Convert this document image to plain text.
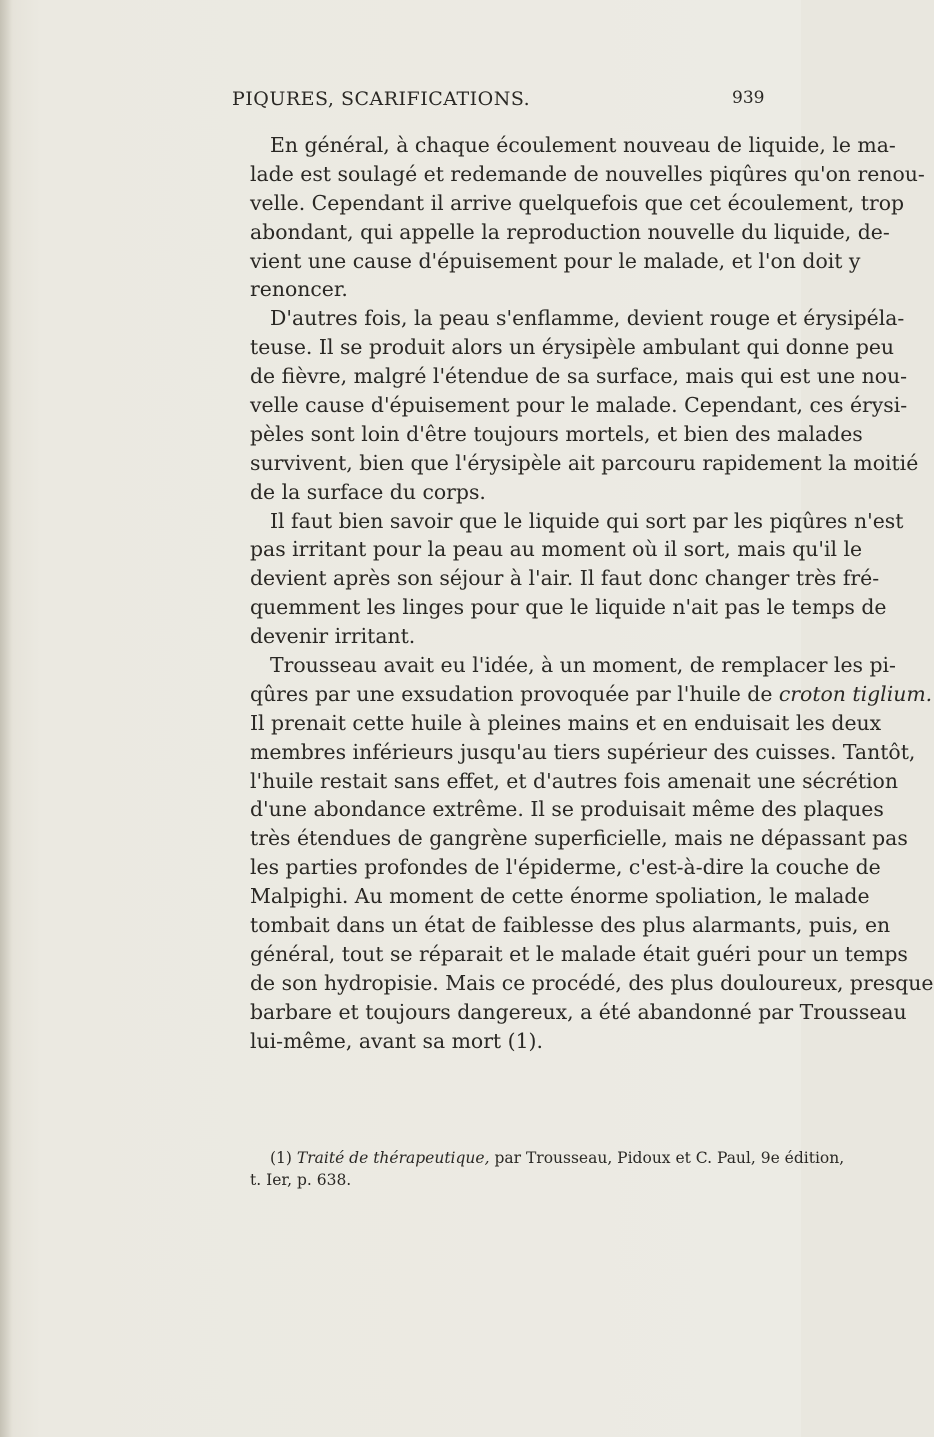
PIQURES, SCARIFICATIONS.	939
En général, à chaque écoulement nouveau de liquide, le ma-
lade est soulagé et redemande de nouvelles piqûres qu'on renou-
velle. Cependant il arrive quelquefois que cet écoulement, trop
abondant, qui appelle la reproduction nouvelle du liquide, de-
vient une cause d'épuisement pour le malade, et l'on doit y
renoncer.
D'autres fois, la peau s'enflamme, devient rouge et érysipéla-
teuse. Il se produit alors un érysipèle ambulant qui donne peu
de fièvre, malgré l'étendue de sa surface, mais qui est une nou-
velle cause d'épuisement pour le malade. Cependant, ces érysi-
pèles sont loin d'être toujours mortels, et bien des malades
survivent, bien que l'érysipèle ait parcouru rapidement la moitié
de la surface du corps.
Il faut bien savoir que le liquide qui sort par les piqûres n'est
pas irritant pour la peau au moment où il sort, mais qu'il le
devient après son séjour à l'air. Il faut donc changer très fré-
quemment les linges pour que le liquide n'ait pas le temps de
devenir irritant.
Trousseau avait eu l'idée, à un moment, de remplacer les pi-
qûres par une exsudation provoquée par l'huile de croton tiglium.
Il prenait cette huile à pleines mains et en enduisait les deux
membres inférieurs jusqu'au tiers supérieur des cuisses. Tantôt,
l'huile restait sans effet, et d'autres fois amenait une sécrétion
d'une abondance extrême. Il se produisait même des plaques
très étendues de gangrène superficielle, mais ne dépassant pas
les parties profondes de l'épiderme, c'est-à-dire la couche de
Malpighi. Au moment de cette énorme spoliation, le malade
tombait dans un état de faiblesse des plus alarmants, puis, en
général, tout se réparait et le malade était guéri pour un temps
de son hydropisie. Mais ce procédé, des plus douloureux, presque
barbare et toujours dangereux, a été abandonné par Trousseau
lui-même, avant sa mort (1).
(1) Traité de thérapeutique, par Trousseau, Pidoux et C. Paul, 9e édition,
t. Ier, p. 638.
